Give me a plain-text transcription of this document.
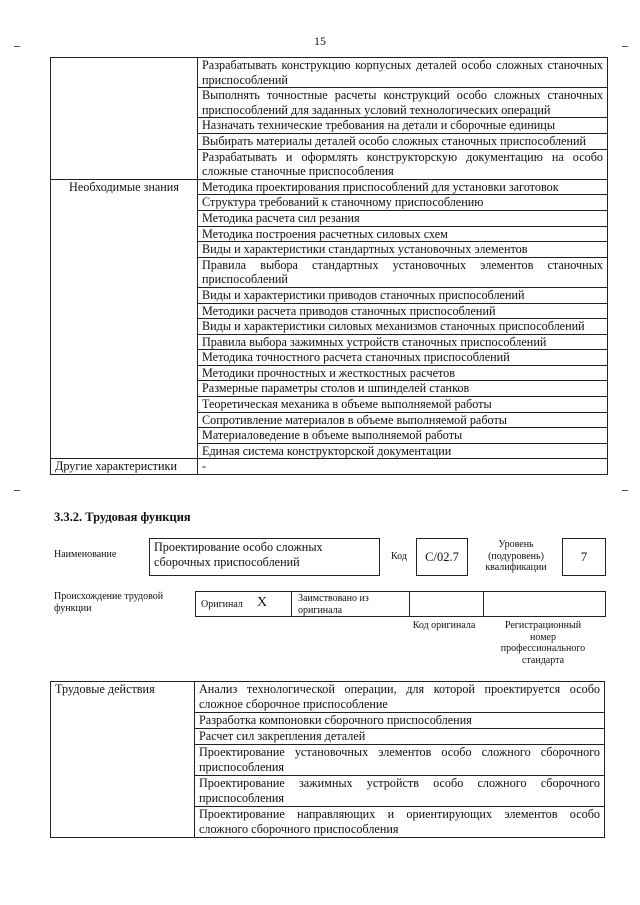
15
	Разрабатывать конструкцию корпусных деталей особо сложных станочных приспособлений
	Выполнять точностные расчеты конструкций особо сложных станочных приспособлений для заданных условий технологических операций
	Назначать технические требования на детали и сборочные единицы
	Выбирать материалы деталей особо сложных станочных приспособлений
	Разрабатывать и оформлять конструкторскую документацию на особо сложные станочные приспособления
Необходимые знания	Методика проектирования приспособлений для установки заготовок
	Структура требований к станочному приспособлению
	Методика расчета сил резания
	Методика построения расчетных силовых схем
	Виды и характеристики стандартных установочных элементов
	Правила выбора стандартных установочных элементов станочных приспособлений
	Виды и характеристики приводов станочных приспособлений
	Методики расчета приводов станочных приспособлений
	Виды и характеристики силовых механизмов станочных приспособлений
	Правила выбора зажимных устройств станочных приспособлений
	Методика точностного расчета станочных приспособлений
	Методики прочностных и жесткостных расчетов
	Размерные параметры столов и шпинделей станков
	Теоретическая механика в объеме выполняемой работы
	Сопротивление материалов в объеме выполняемой работы
	Материаловедение в объеме выполняемой работы
	Единая система конструкторской документации
Другие характеристики	-
3.3.2. Трудовая функция
Наименование
Проектирование особо сложных сборочных приспособлений	Код	C/02.7
Уровень (подуровень) квалификации
7
Происхождение трудовой функции	Оригинал X	Заимствовано из оригинала
Код оригинала	Регистрационный номер профессионального стандарта
Трудовые действия	Анализ технологической операции, для которой проектируется особо сложное сборочное приспособление
Разработка компоновки сборочного приспособления
Расчет сил закрепления деталей
Проектирование установочных элементов особо сложного сборочного приспособления
Проектирование зажимных устройств особо сложного сборочного приспособления
Проектирование направляющих и ориентирующих элементов особо сложного сборочного приспособления
